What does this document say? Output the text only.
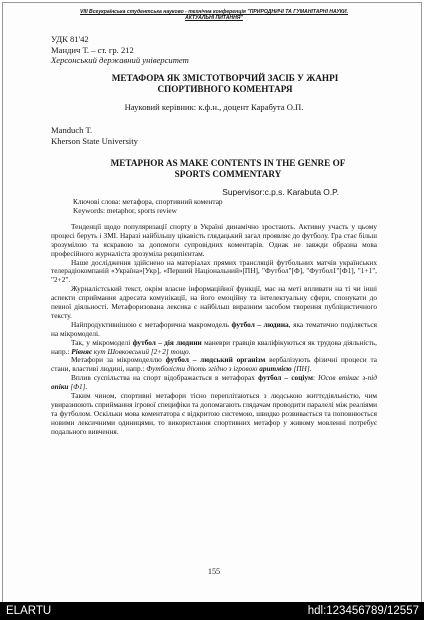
VIII Всеукраїнська студентська науково - технічна конференція "ПРИРОДНИЧІ ТА ГУМАНІТАРНІ НАУКИ.
АКТУАЛЬНІ ПИТАННЯ"
УДК 81'42
Мандич Т. – ст. гр. 212
Херсонський державний університет
МЕТАФОРА ЯК ЗМІСТОТВОРЧИЙ ЗАСІБ У ЖАНРІ
СПОРТИВНОГО КОМЕНТАРЯ
Науковий керівник: к.ф.н., доцент Карабута О.П.
Manduch T.
Kherson State University
METAPHOR AS MAKE CONTENTS IN THE GENRE OF
SPORTS COMMENTARY
Supervisor:c.p.s. Karabuta O.P.
Ключові слова: метафора, спортивний коментар
Keywords: metaphor, sports review

Тенденції щодо популяризації спорту в Україні динамічно зростають. Активну участь у цьому процесі беруть і ЗМІ. Наразі найбільшу цікавість глядацький загал проявляє до футболу. Гра стає більш зрозумілою та яскравою за допомоги супровідних коментарів. Однак не завжди образна мова професійного журналіста зрозуміла реципієнтам.

Наше дослідження здійснено на матеріалах прямих трансляцій футбольних матчів українських телерадіокомпаній «Україна»[Укр], «Перший Національний»[ПН], "Футбол"[Ф], "Футбол1"[Ф1], "1+1", "2+2".

Журналістський текст, окрім власне інформаційної функції, має на меті впливати на ті чи інші аспекти сприймання адресата комунікації, на його емоційну та інтелектуальну сфери, спонукати до певної діяльності. Метафоризована лексика є найбільш виразним засобом творення публіцистичного тексту.

Найпродуктивнішою є метафорична макромодель футбол – людина, яка тематично поділяється на мікромоделі.

Так, у мікромоделі футбол – дія людини маневри гравців кваліфікуються як трудова діяльність, напр.: Рівняє кут Шовковський [2+2] тощо.

Метафори за мікромоделлю футбол – людський організм вербалізують фізичні процеси та стани, властиві людині, напр.: Футболісти діють згідно з ігровою аритмією [ПН].

Вплив суспільства на спорт відображається в метафорах футбол – соціум: Юсов втікає з-під опіки [Ф1].

Таким чином, спортивні метафори тісно переплітаються з людською життєдіяльністю, чим увиразнюють сприймання ігрової специфіки та допомагають глядачам проводити паралелі між реаліями та футболом. Оскільки мова коментатора є відкритою системою, швидко розвивається та поповнюється новими лексичними одиницями, то використання спортивних метафор у живому мовленні потребує подального вивчення.

155
ELARTU	hdl:123456789/12557
